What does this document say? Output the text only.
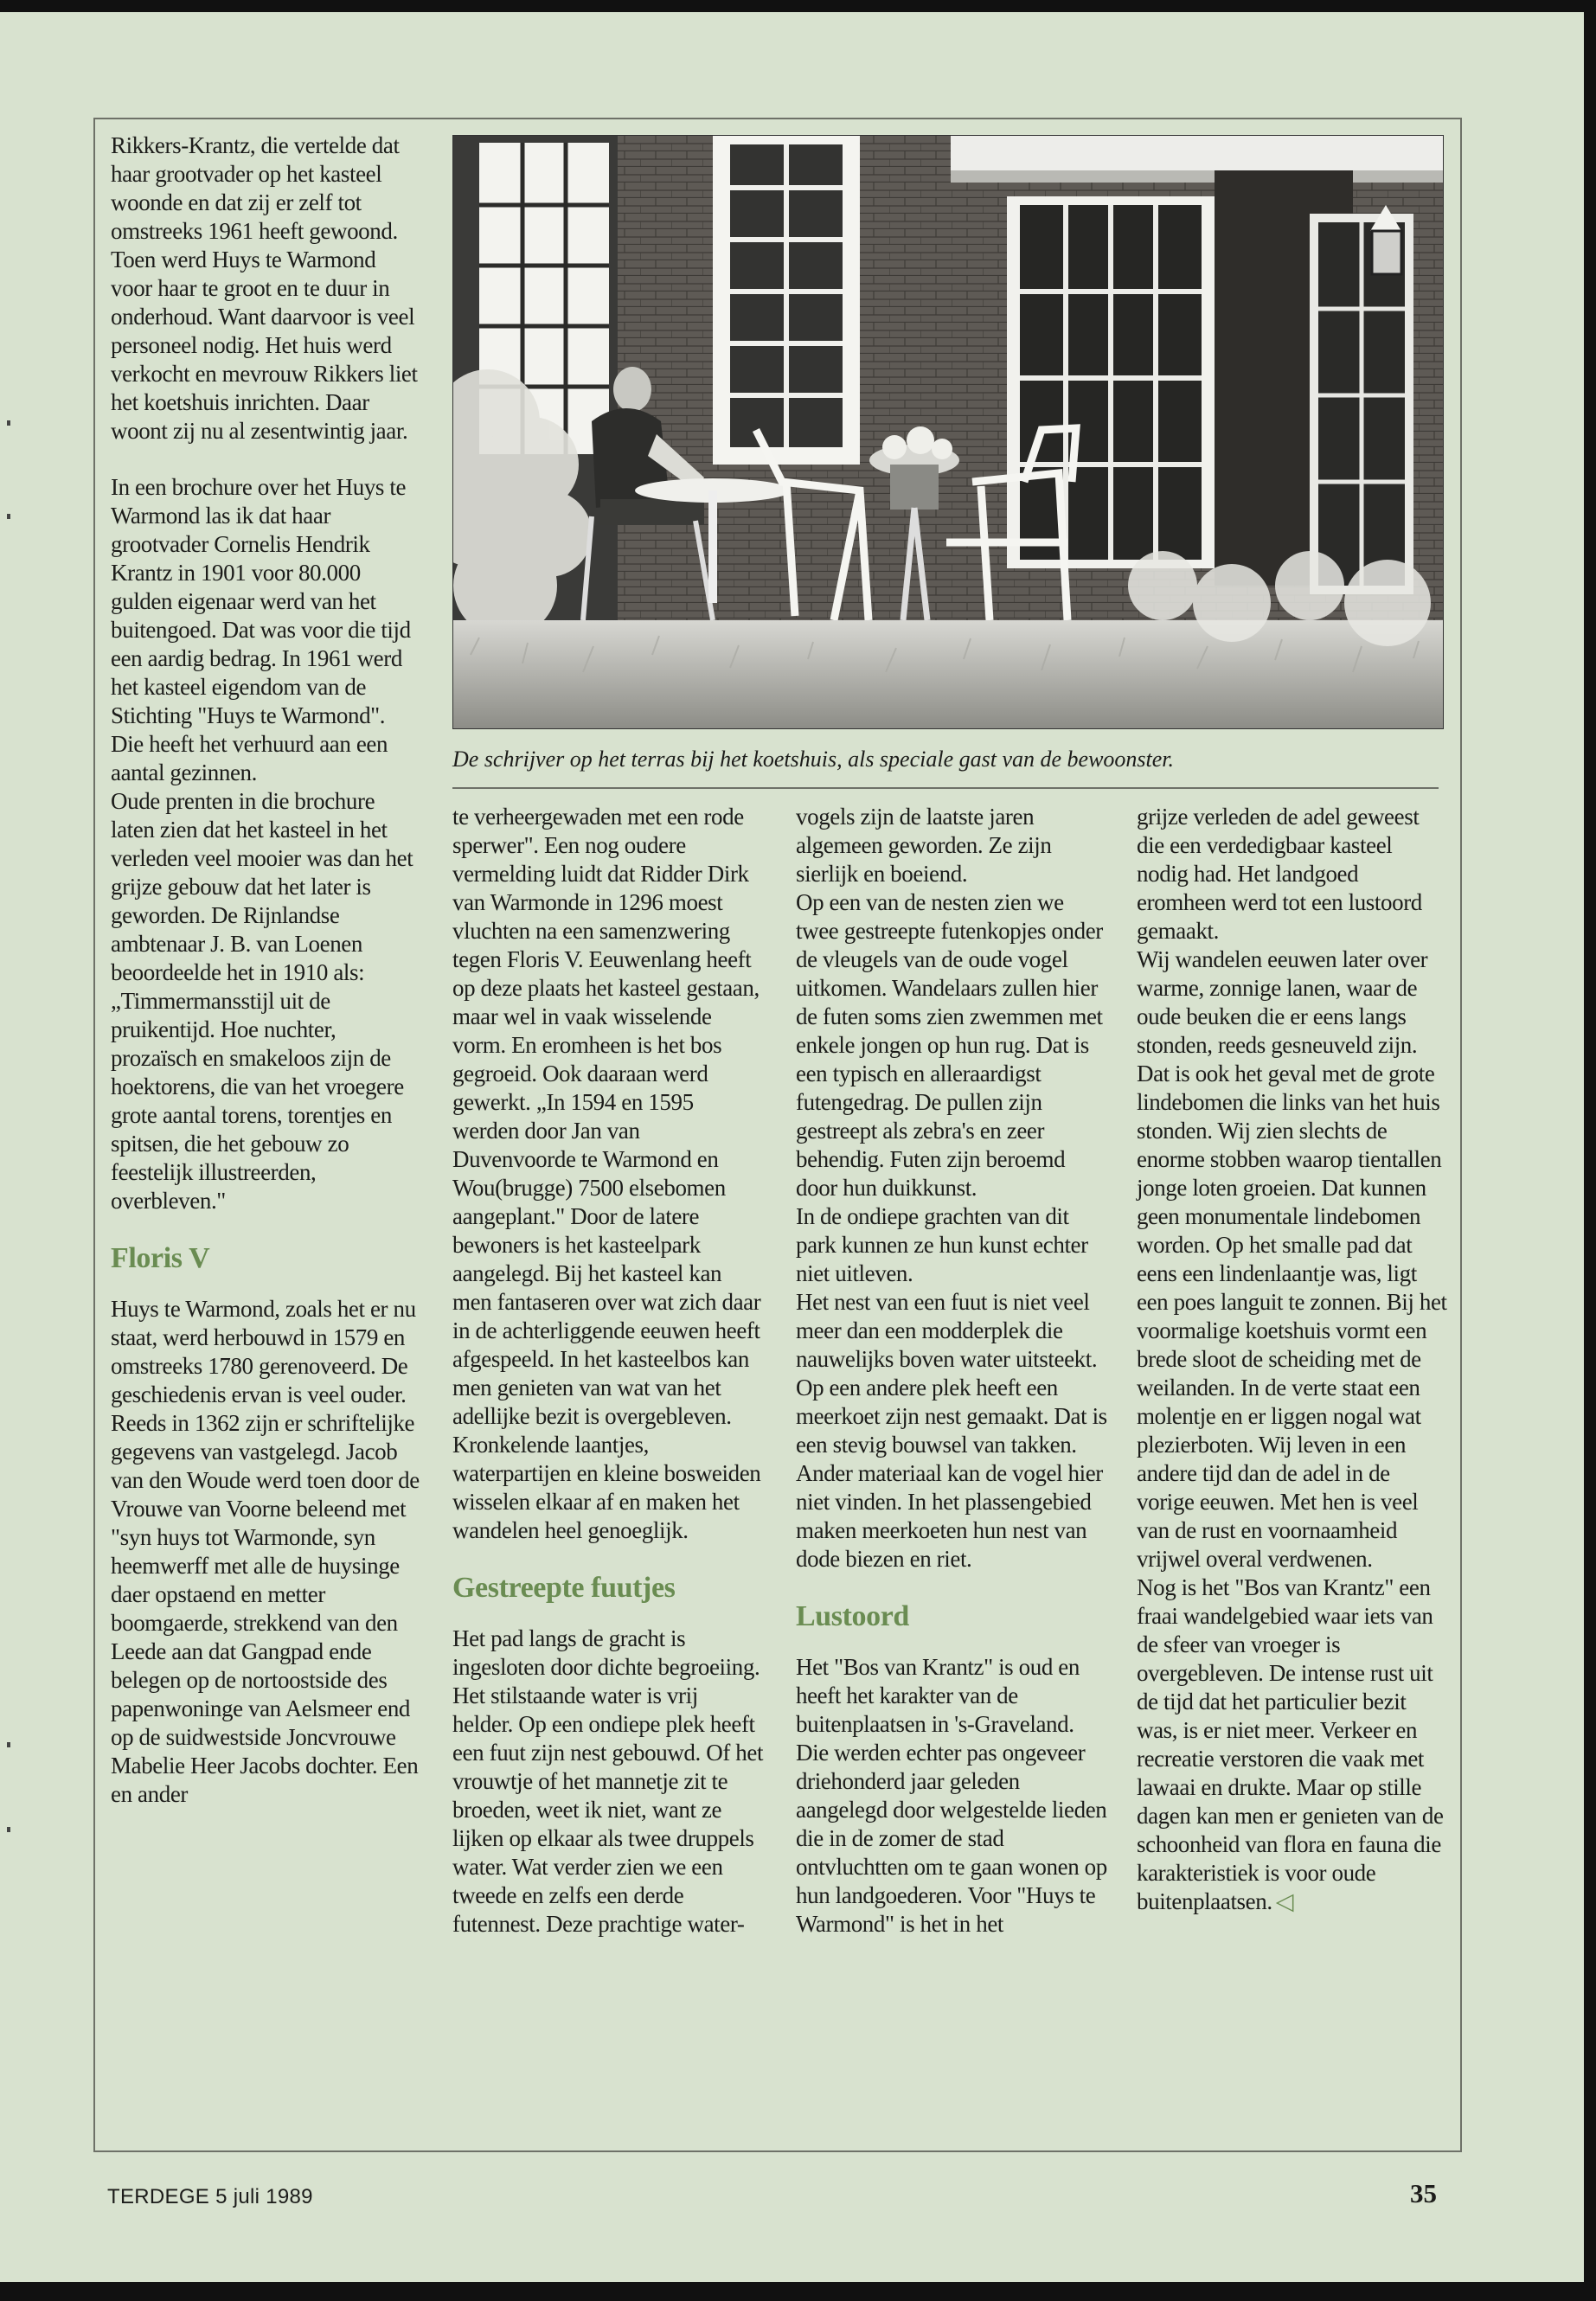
Rikkers-Krantz, die vertelde dat haar grootvader op het kasteel woonde en dat zij er zelf tot omstreeks 1961 heeft gewoond. Toen werd Huys te Warmond voor haar te groot en te duur in onderhoud. Want daarvoor is veel personeel nodig. Het huis werd verkocht en mevrouw Rikkers liet het koetshuis inrichten. Daar woont zij nu al zesentwintig jaar.

In een brochure over het Huys te Warmond las ik dat haar grootvader Cornelis Hendrik Krantz in 1901 voor 80.000 gulden eigenaar werd van het buitengoed. Dat was voor die tijd een aardig bedrag. In 1961 werd het kasteel eigendom van de Stichting "Huys te Warmond". Die heeft het verhuurd aan een aantal gezinnen.

Oude prenten in die brochure laten zien dat het kasteel in het verleden veel mooier was dan het grijze gebouw dat het later is geworden. De Rijnlandse ambtenaar J. B. van Loenen beoordeelde het in 1910 als: „Timmermansstijl uit de pruikentijd. Hoe nuchter, prozaïsch en smakeloos zijn de hoektorens, die van het vroegere grote aantal torens, torentjes en spitsen, die het gebouw zo feestelijk illustreerden, overbleven."

Floris V

Huys te Warmond, zoals het er nu staat, werd herbouwd in 1579 en omstreeks 1780 gerenoveerd. De geschiedenis ervan is veel ouder. Reeds in 1362 zijn er schriftelijke gegevens van vastgelegd. Jacob van den Woude werd toen door de Vrouwe van Voorne beleend met "syn huys tot Warmonde, syn heemwerff met alle de huysinge daer opstaend en metter boomgaerde, strekkend van den Leede aan dat Gangpad ende belegen op de nortoostside des papenwoninge van Aelsmeer end op de suidwestside Joncvrouwe Mabelie Heer Jacobs dochter. Een en ander

De schrijver op het terras bij het koetshuis, als speciale gast van de bewoonster.

te verheergewaden met een rode sperwer". Een nog oudere vermelding luidt dat Ridder Dirk van Warmonde in 1296 moest vluchten na een samenzwering tegen Floris V. Eeuwenlang heeft op deze plaats het kasteel gestaan, maar wel in vaak wisselende vorm. En eromheen is het bos gegroeid. Ook daaraan werd gewerkt. „In 1594 en 1595 werden door Jan van Duvenvoorde te Warmond en Wou(brugge) 7500 elsebomen aangeplant." Door de latere bewoners is het kasteelpark aangelegd. Bij het kasteel kan men fantaseren over wat zich daar in de achterliggende eeuwen heeft afgespeeld. In het kasteelbos kan men genieten van wat van het adellijke bezit is overgebleven. Kronkelende laantjes, waterpartijen en kleine bosweiden wisselen elkaar af en maken het wandelen heel genoeglijk.

Gestreepte fuutjes

Het pad langs de gracht is ingesloten door dichte begroeiing. Het stilstaande water is vrij helder. Op een ondiepe plek heeft een fuut zijn nest gebouwd. Of het vrouwtje of het mannetje zit te broeden, weet ik niet, want ze lijken op elkaar als twee druppels water. Wat verder zien we een tweede en zelfs een derde futennest. Deze prachtige water-

vogels zijn de laatste jaren algemeen geworden. Ze zijn sierlijk en boeiend.

Op een van de nesten zien we twee gestreepte futenkopjes onder de vleugels van de oude vogel uitkomen. Wandelaars zullen hier de futen soms zien zwemmen met enkele jongen op hun rug. Dat is een typisch en alleraardigst futengedrag. De pullen zijn gestreept als zebra's en zeer behendig. Futen zijn beroemd door hun duikkunst.

In de ondiepe grachten van dit park kunnen ze hun kunst echter niet uitleven.

Het nest van een fuut is niet veel meer dan een modderplek die nauwelijks boven water uitsteekt. Op een andere plek heeft een meerkoet zijn nest gemaakt. Dat is een stevig bouwsel van takken. Ander materiaal kan de vogel hier niet vinden. In het plassengebied maken meerkoeten hun nest van dode biezen en riet.

Lustoord

Het "Bos van Krantz" is oud en heeft het karakter van de buitenplaatsen in 's-Graveland. Die werden echter pas ongeveer driehonderd jaar geleden aangelegd door welgestelde lieden die in de zomer de stad ontvluchtten om te gaan wonen op hun landgoederen. Voor "Huys te Warmond" is het in het

grijze verleden de adel geweest die een verdedigbaar kasteel nodig had. Het landgoed eromheen werd tot een lustoord gemaakt.

Wij wandelen eeuwen later over warme, zonnige lanen, waar de oude beuken die er eens langs stonden, reeds gesneuveld zijn. Dat is ook het geval met de grote lindebomen die links van het huis stonden. Wij zien slechts de enorme stobben waarop tientallen jonge loten groeien. Dat kunnen geen monumentale lindebomen worden. Op het smalle pad dat eens een lindenlaantje was, ligt een poes languit te zonnen. Bij het voormalige koetshuis vormt een brede sloot de scheiding met de weilanden. In de verte staat een molentje en er liggen nogal wat plezierboten. Wij leven in een andere tijd dan de adel in de vorige eeuwen. Met hen is veel van de rust en voornaamheid vrijwel overal verdwenen.

Nog is het "Bos van Krantz" een fraai wandelgebied waar iets van de sfeer van vroeger is overgebleven. De intense rust uit de tijd dat het particulier bezit was, is er niet meer. Verkeer en recreatie verstoren die vaak met lawaai en drukte. Maar op stille dagen kan men er genieten van de schoonheid van flora en fauna die karakteristiek is voor oude buitenplaatsen. ◁

TERDEGE 5 juli 1989	35
